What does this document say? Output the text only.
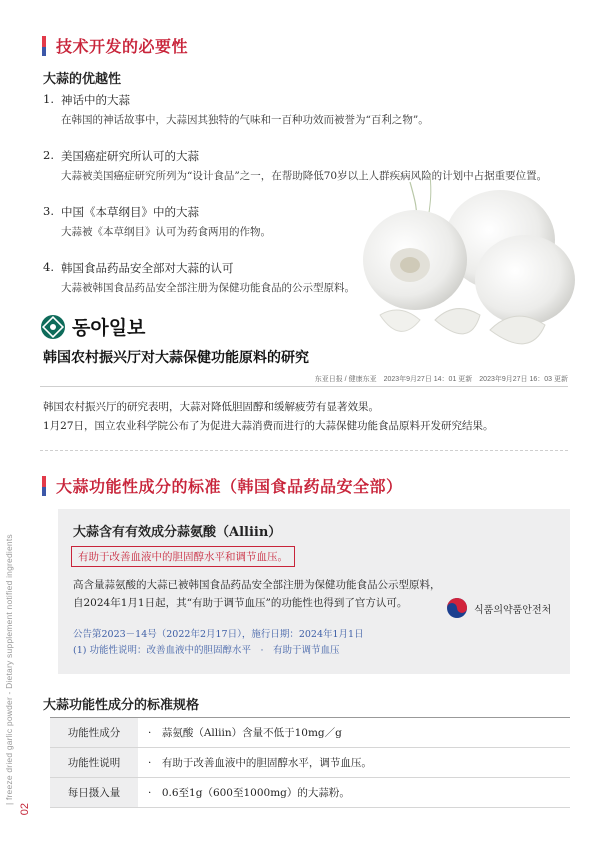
| freeze dried garlic powder - Dietary supplement notified ingredients
02
技术开发的必要性
大蒜的优越性
1. 神话中的大蒜
在韩国的神话故事中，大蒜因其独特的气味和一百种功效而被誉为“百利之物”。
2. 美国癌症研究所认可的大蒜
大蒜被美国癌症研究所列为“设计食品”之一，在帮助降低70岁以上人群疾病风险的计划中占据重要位置。
3. 中国《本草纲目》中的大蒜
大蒜被《本草纲目》认可为药食两用的作物。
4. 韩国食品药品安全部对大蒜的认可
大蒜被韩国食品药品安全部注册为保健功能食品的公示型原料。
동아일보
韩国农村振兴厅对大蒜保健功能原料的研究
东亚日报 / 健康东亚　2023年9月27日 14：01 更新　2023年9月27日 16：03 更新
韩国农村振兴厅的研究表明，大蒜对降低胆固醇和缓解疲劳有显著效果。
1月27日，国立农业科学院公布了为促进大蒜消费而进行的大蒜保健功能食品原料开发研究结果。
大蒜功能性成分的标准（韩国食品药品安全部）
大蒜含有有效成分蒜氨酸（Alliin）
有助于改善血液中的胆固醇水平和调节血压。
高含量蒜氨酸的大蒜已被韩国食品药品安全部注册为保健功能食品公示型原料，
自2024年1月1日起，其“有助于调节血压”的功能性也得到了官方认可。
식품의약품안전처
公告第2023－14号（2022年2月17日），施行日期：2024年1月1日
(1) 功能性说明：改善血液中的胆固醇水平　·　有助于调节血压
大蒜功能性成分的标准规格
功能性成分	·　蒜氨酸（Alliin）含量不低于10mg／g
功能性说明	·　有助于改善血液中的胆固醇水平，调节血压。
每日摄入量	·　0.6至1g（600至1000mg）的大蒜粉。
